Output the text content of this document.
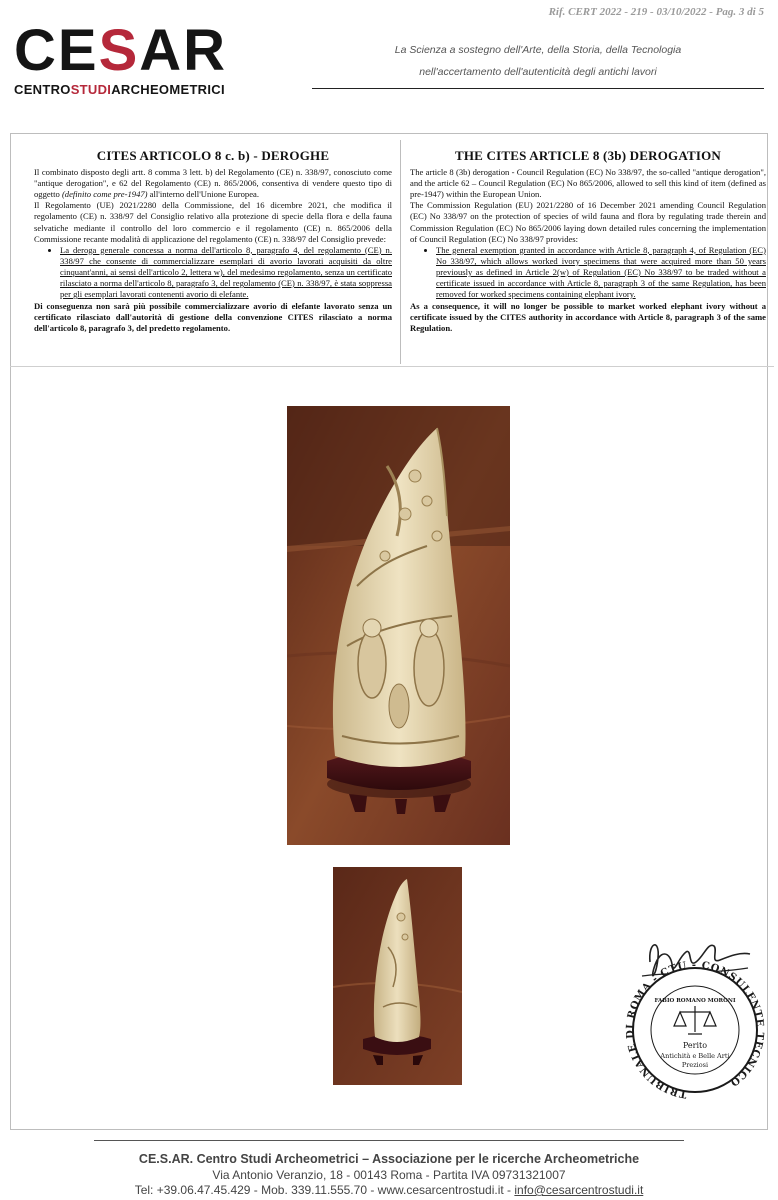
Rif. CERT 2022 - 219 - 03/10/2022 - Pag. 3 di 5
CESAR
CENTROSTUDIARCHEOMETRICI
La Scienza a sostegno dell'Arte, della Storia, della Tecnologia
nell'accertamento dell'autenticità degli antichi lavori
CITES ARTICOLO 8 c. b) - DEROGHE

Il combinato disposto degli artt. 8 comma 3 lett. b) del Regolamento (CE) n. 338/97, conosciuto come "antique derogation", e 62 del Regolamento (CE) n. 865/2006, consentiva di vendere questo tipo di oggetto (definito come pre-1947) all'interno dell'Unione Europea.

Il Regolamento (UE) 2021/2280 della Commissione, del 16 dicembre 2021, che modifica il regolamento (CE) n. 338/97 del Consiglio relativo alla protezione di specie della flora e della fauna selvatiche mediante il controllo del loro commercio e il regolamento (CE) n. 865/2006 della Commissione recante modalità di applicazione del regolamento (CE) n. 338/97 del Consiglio prevede:

• La deroga generale concessa a norma dell'articolo 8, paragrafo 4, del regolamento (CE) n. 338/97 che consente di commercializzare esemplari di avorio lavorati acquisiti da oltre cinquant'anni, ai sensi dell'articolo 2, lettera w), del medesimo regolamento, senza un certificato rilasciato a norma dell'articolo 8, paragrafo 3, del regolamento (CE) n. 338/97, è stata soppressa per gli esemplari lavorati contenenti avorio di elefante.

Di conseguenza non sarà più possibile commercializzare avorio di elefante lavorato senza un certificato rilasciato dall'autorità di gestione della convenzione CITES rilasciato a norma dell'articolo 8, paragrafo 3, del predetto regolamento.

THE CITES ARTICLE 8 (3b) DEROGATION

The article 8 (3b) derogation - Council Regulation (EC) No 338/97, the so-called "antique derogation", and the article 62 – Council Regulation (EC) No 865/2006, allowed to sell this kind of item (defined as pre-1947) within the European Union.

The Commission Regulation (EU) 2021/2280 of 16 December 2021 amending Council Regulation (EC) No 338/97 on the protection of species of wild fauna and flora by regulating trade therein and Commission Regulation (EC) No 865/2006 laying down detailed rules concerning the implementation of Council Regulation (EC) No 338/97 provides:

• The general exemption granted in accordance with Article 8, paragraph 4, of Regulation (EC) No 338/97, which allows worked ivory specimens that were acquired more than 50 years previously as defined in Article 2(w) of Regulation (EC) No 338/97 to be traded without a certificate issued in accordance with Article 8, paragraph 3 of the same Regulation, has been removed for worked specimens containing elephant ivory.

As a consequence, it will no longer be possible to market worked elephant ivory without a certificate issued by the CITES authority in accordance with Article 8, paragraph 3 of the same Regulation.

TRIBUNALE DI ROMA - CTU - CONSULENTE TECNICO
FABIO ROMANO MORONI
Perito
Antichità e Belle Arti
Preziosi
CE.S.AR. Centro Studi Archeometrici – Associazione per le ricerche Archeometriche
Via Antonio Veranzio, 18 - 00143 Roma - Partita IVA 09731321007
Tel: +39.06.47.45.429 - Mob. 339.11.555.70 - www.cesarcentrostudi.it - info@cesarcentrostudi.it
